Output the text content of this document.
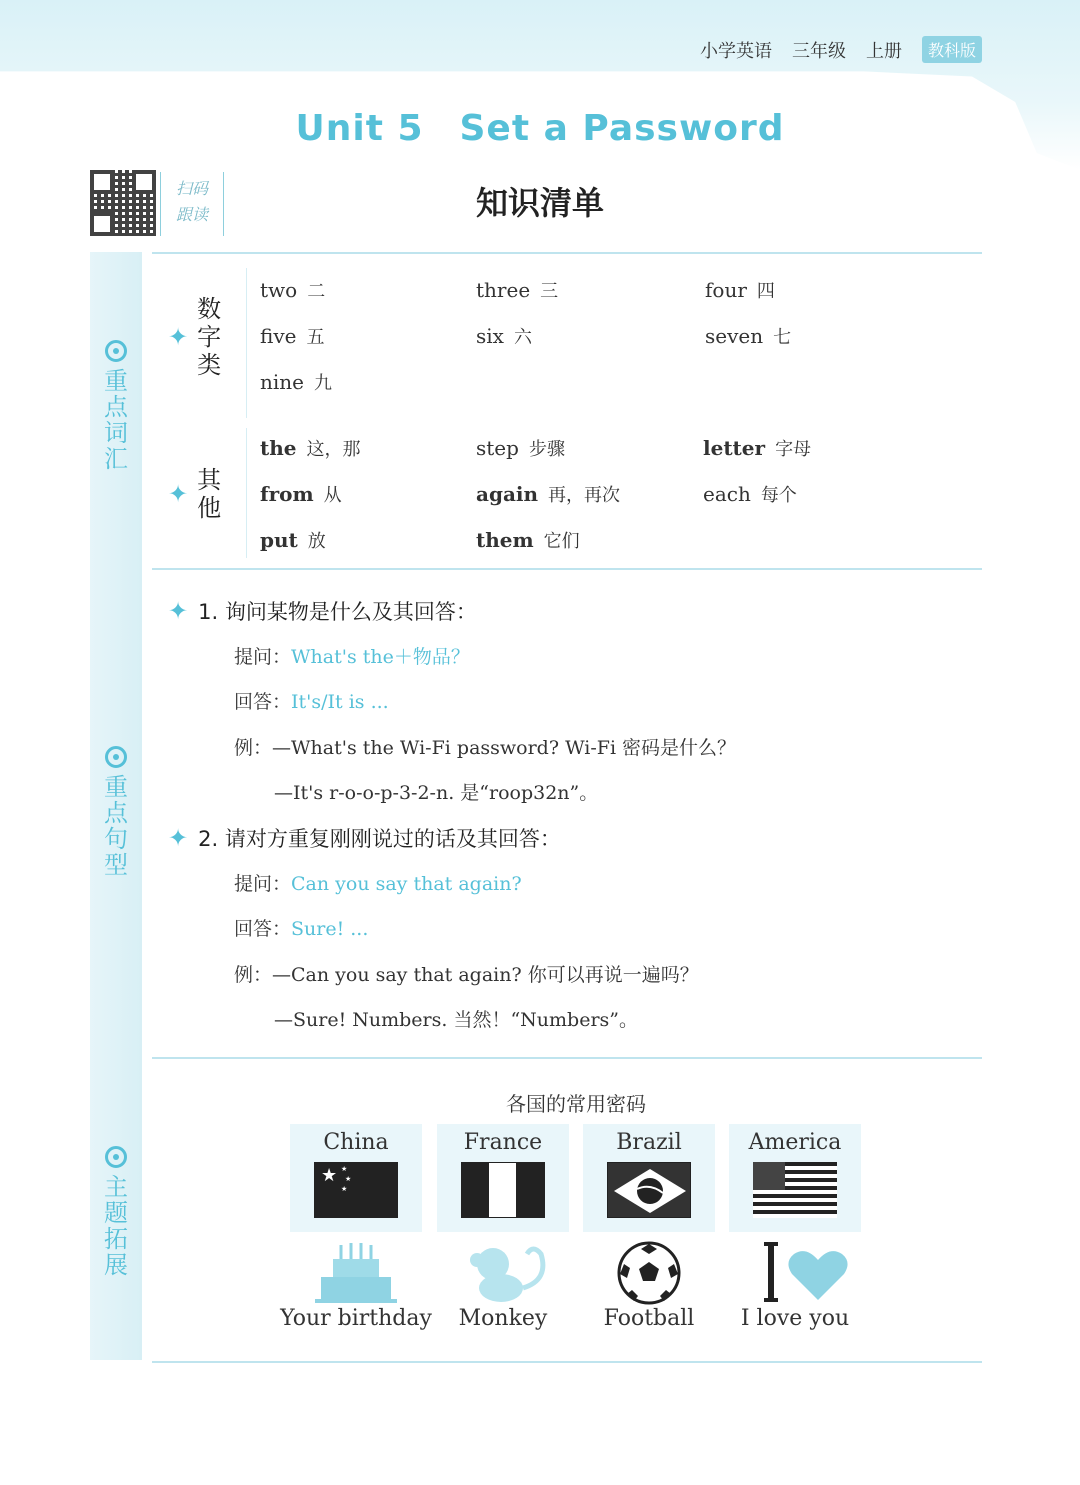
小学英语 三年级 上册	教科版
Unit 5 Set a Password
知识清单
扫码
跟读
重
点
词
汇
重
点
句
型
主
题
拓
展
✦
数
字
类
two 二	three 三	four 四
five 五	six 六	seven 七
nine 九
✦ 其
他
the 这，那	step 步骤	letter 字母
from 从	again 再，再次	each 每个
put 放	them 它们
✦ 1. 询问某物是什么及其回答：
提问：What's the＋物品？
回答：It's/It is ...
例：—What's the Wi-Fi password? Wi-Fi 密码是什么？
—It's r-o-o-p-3-2-n. 是“roop32n”。
✦ 2. 请对方重复刚刚说过的话及其回答：
提问：Can you say that again?
回答：Sure! ...
例：—Can you say that again? 你可以再说一遍吗？
—Sure! Numbers. 当然！“Numbers”。
各国的常用密码
China
★ ★
★
★
France	Brazil	America
Your birthday	Monkey	Football	I love you
